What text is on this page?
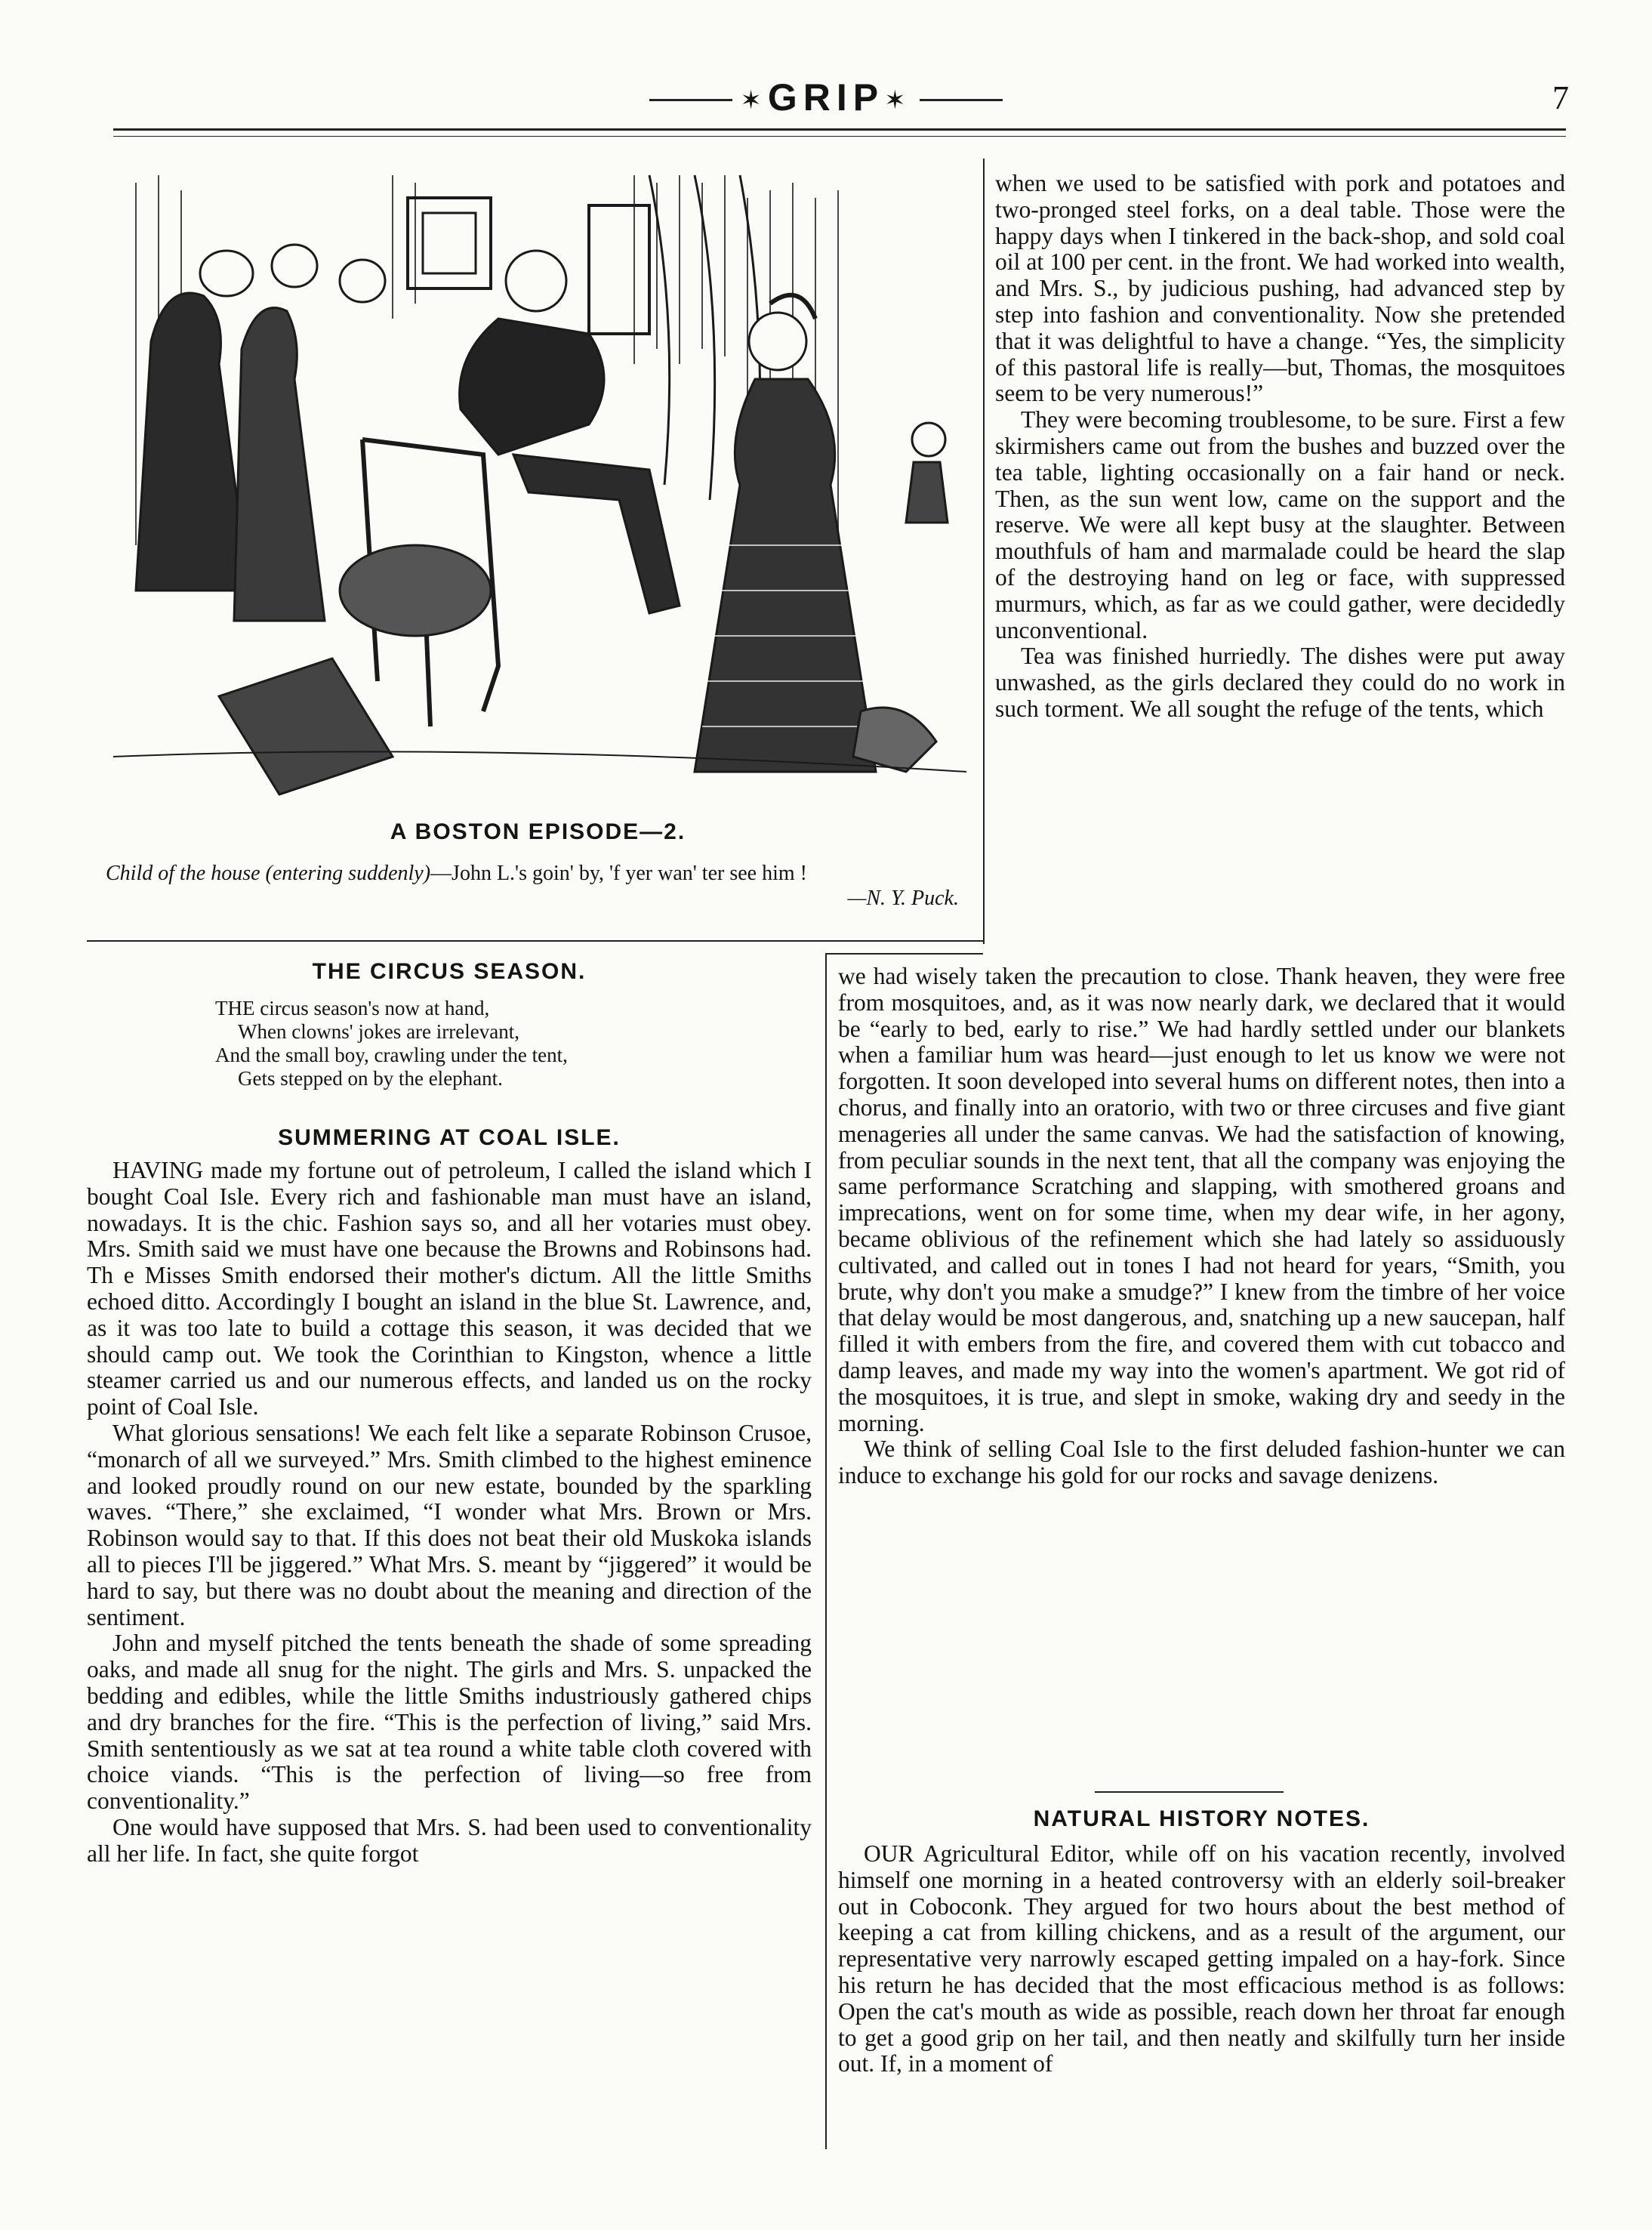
✶GRIP✶	7
A BOSTON EPISODE—2.
Child of the house (entering suddenly)—John L.'s goin' by, 'f yer wan' ter see him !
—N. Y. Puck.

when we used to be satisfied with pork and potatoes and two-pronged steel forks, on a deal table. Those were the happy days when I tinkered in the back-shop, and sold coal oil at 100 per cent. in the front. We had worked into wealth, and Mrs. S., by judicious pushing, had advanced step by step into fashion and conventionality. Now she pretended that it was delightful to have a change. “Yes, the simplicity of this pastoral life is really—but, Thomas, the mosquitoes seem to be very numerous!”

They were becoming troublesome, to be sure. First a few skirmishers came out from the bushes and buzzed over the tea table, lighting occasionally on a fair hand or neck. Then, as the sun went low, came on the support and the reserve. We were all kept busy at the slaughter. Between mouthfuls of ham and marmalade could be heard the slap of the destroying hand on leg or face, with suppressed murmurs, which, as far as we could gather, were decidedly unconventional.

Tea was finished hurriedly. The dishes were put away unwashed, as the girls declared they could do no work in such torment. We all sought the refuge of the tents, which

THE CIRCUS SEASON.
THE circus season's now at hand,
When clowns' jokes are irrelevant,
And the small boy, crawling under the tent,
Gets stepped on by the elephant.
SUMMERING AT COAL ISLE.

HAVING made my fortune out of petroleum, I called the island which I bought Coal Isle. Every rich and fashionable man must have an island, nowadays. It is the chic. Fashion says so, and all her votaries must obey. Mrs. Smith said we must have one because the Browns and Robinsons had. Th e Misses Smith endorsed their mother's dictum. All the little Smiths echoed ditto. Accordingly I bought an island in the blue St. Lawrence, and, as it was too late to build a cottage this season, it was decided that we should camp out. We took the Corinthian to Kingston, whence a little steamer carried us and our numerous effects, and landed us on the rocky point of Coal Isle.

What glorious sensations! We each felt like a separate Robinson Crusoe, “monarch of all we surveyed.” Mrs. Smith climbed to the highest eminence and looked proudly round on our new estate, bounded by the sparkling waves. “There,” she exclaimed, “I wonder what Mrs. Brown or Mrs. Robinson would say to that. If this does not beat their old Muskoka islands all to pieces I'll be jiggered.” What Mrs. S. meant by “jiggered” it would be hard to say, but there was no doubt about the meaning and direction of the sentiment.

John and myself pitched the tents beneath the shade of some spreading oaks, and made all snug for the night. The girls and Mrs. S. unpacked the bedding and edibles, while the little Smiths industriously gathered chips and dry branches for the fire. “This is the perfection of living,” said Mrs. Smith sententiously as we sat at tea round a white table cloth covered with choice viands. “This is the perfection of living—so free from conventionality.”

One would have supposed that Mrs. S. had been used to conventionality all her life. In fact, she quite forgot

we had wisely taken the precaution to close. Thank heaven, they were free from mosquitoes, and, as it was now nearly dark, we declared that it would be “early to bed, early to rise.” We had hardly settled under our blankets when a familiar hum was heard—just enough to let us know we were not forgotten. It soon developed into several hums on different notes, then into a chorus, and finally into an oratorio, with two or three circuses and five giant menageries all under the same canvas. We had the satisfaction of knowing, from peculiar sounds in the next tent, that all the company was enjoying the same performance Scratching and slapping, with smothered groans and imprecations, went on for some time, when my dear wife, in her agony, became oblivious of the refinement which she had lately so assiduously cultivated, and called out in tones I had not heard for years, “Smith, you brute, why don't you make a smudge?” I knew from the timbre of her voice that delay would be most dangerous, and, snatching up a new saucepan, half filled it with embers from the fire, and covered them with cut tobacco and damp leaves, and made my way into the women's apartment. We got rid of the mosquitoes, it is true, and slept in smoke, waking dry and seedy in the morning.

We think of selling Coal Isle to the first deluded fashion-hunter we can induce to exchange his gold for our rocks and savage denizens.

NATURAL HISTORY NOTES.

OUR Agricultural Editor, while off on his vacation recently, involved himself one morning in a heated controversy with an elderly soil-breaker out in Coboconk. They argued for two hours about the best method of keeping a cat from killing chickens, and as a result of the argument, our representative very narrowly escaped getting impaled on a hay-fork. Since his return he has decided that the most efficacious method is as follows: Open the cat's mouth as wide as possible, reach down her throat far enough to get a good grip on her tail, and then neatly and skilfully turn her inside out. If, in a moment of
